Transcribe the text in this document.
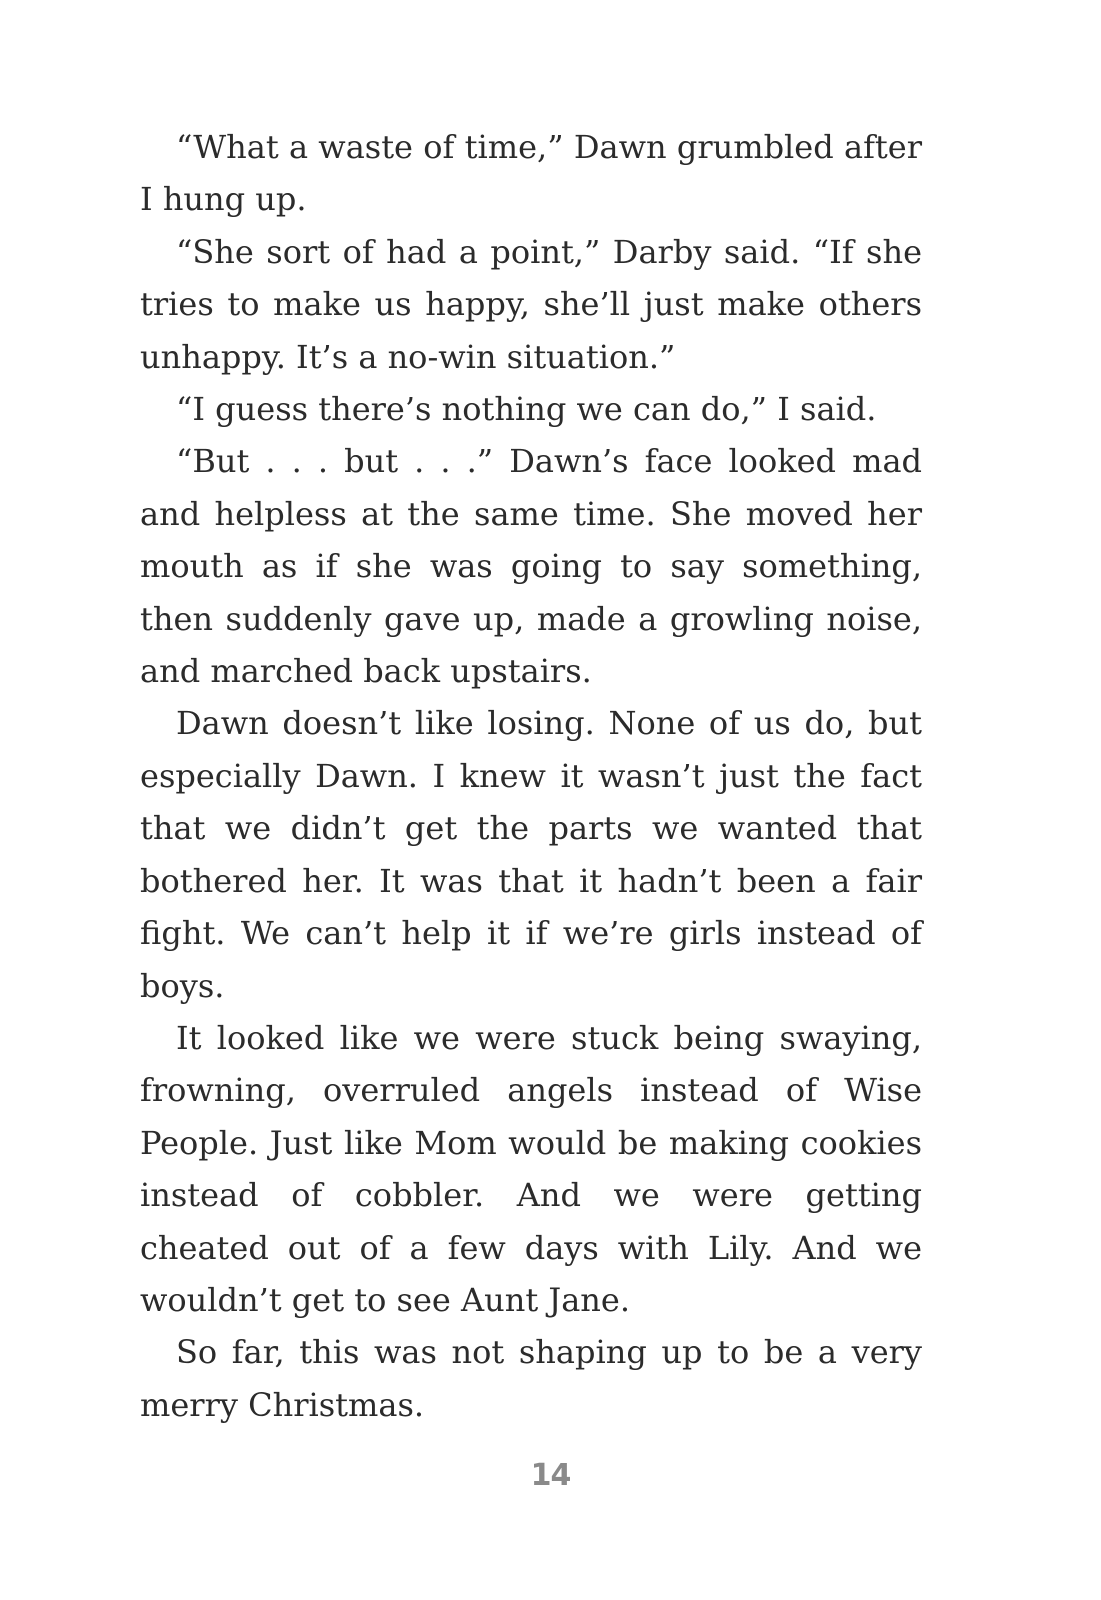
“What a waste of time,” Dawn grumbled after I hung up.

“She sort of had a point,” Darby said. “If she tries to make us happy, she’ll just make others unhappy. It’s a no-win situation.”

“I guess there’s nothing we can do,” I said.

“But . . . but . . .” Dawn’s face looked mad and helpless at the same time. She moved her mouth as if she was going to say something, then suddenly gave up, made a growling noise, and marched back upstairs.

Dawn doesn’t like losing. None of us do, but especially Dawn. I knew it wasn’t just the fact that we didn’t get the parts we wanted that bothered her. It was that it hadn’t been a fair fight. We can’t help it if we’re girls instead of boys.

It looked like we were stuck being swaying, frowning, overruled angels instead of Wise People. Just like Mom would be making cookies instead of cobbler. And we were getting cheated out of a few days with Lily. And we wouldn’t get to see Aunt Jane.

So far, this was not shaping up to be a very merry Christmas.

14
